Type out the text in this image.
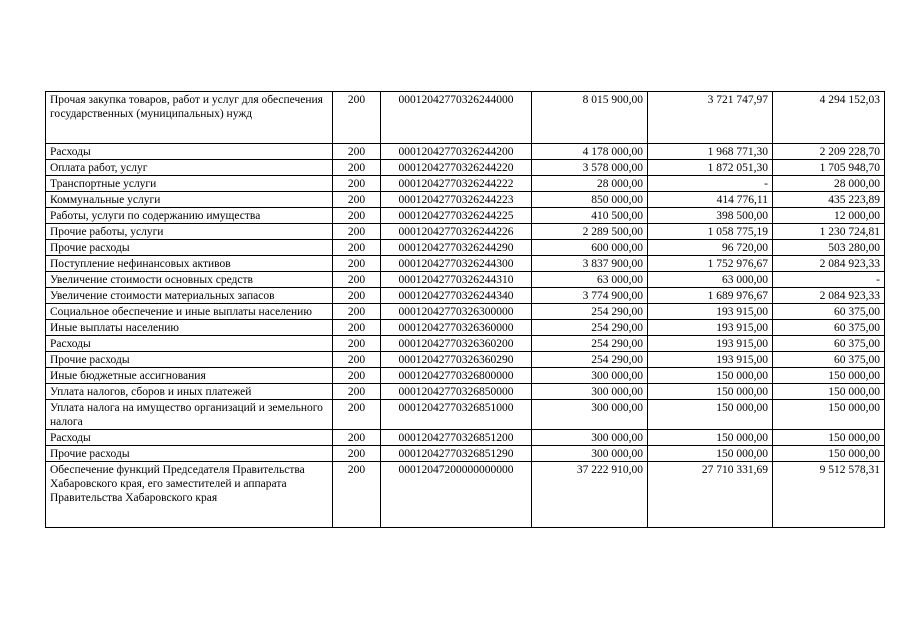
Прочая закупка товаров, работ и услуг для обеспечения государственных (муниципальных) нужд	200	00012042770326244000	8 015 900,00	3 721 747,97	4 294 152,03
Расходы	200	00012042770326244200	4 178 000,00	1 968 771,30	2 209 228,70
Оплата работ, услуг	200	00012042770326244220	3 578 000,00	1 872 051,30	1 705 948,70
Транспортные услуги	200	00012042770326244222	28 000,00	-	28 000,00
Коммунальные услуги	200	00012042770326244223	850 000,00	414 776,11	435 223,89
Работы, услуги по содержанию имущества	200	00012042770326244225	410 500,00	398 500,00	12 000,00
Прочие работы, услуги	200	00012042770326244226	2 289 500,00	1 058 775,19	1 230 724,81
Прочие расходы	200	00012042770326244290	600 000,00	96 720,00	503 280,00
Поступление нефинансовых активов	200	00012042770326244300	3 837 900,00	1 752 976,67	2 084 923,33
Увеличение стоимости основных средств	200	00012042770326244310	63 000,00	63 000,00	-
Увеличение стоимости материальных запасов	200	00012042770326244340	3 774 900,00	1 689 976,67	2 084 923,33
Социальное обеспечение и иные выплаты населению	200	00012042770326300000	254 290,00	193 915,00	60 375,00
Иные выплаты населению	200	00012042770326360000	254 290,00	193 915,00	60 375,00
Расходы	200	00012042770326360200	254 290,00	193 915,00	60 375,00
Прочие расходы	200	00012042770326360290	254 290,00	193 915,00	60 375,00
Иные бюджетные ассигнования	200	00012042770326800000	300 000,00	150 000,00	150 000,00
Уплата налогов, сборов и иных платежей	200	00012042770326850000	300 000,00	150 000,00	150 000,00
Уплата налога на имущество организаций и земельного налога	200	00012042770326851000	300 000,00	150 000,00	150 000,00
Расходы	200	00012042770326851200	300 000,00	150 000,00	150 000,00
Прочие расходы	200	00012042770326851290	300 000,00	150 000,00	150 000,00
Обеспечение функций Председателя Правительства Хабаровского края, его заместителей и аппарата Правительства Хабаровского края	200	00012047200000000000	37 222 910,00	27 710 331,69	9 512 578,31
